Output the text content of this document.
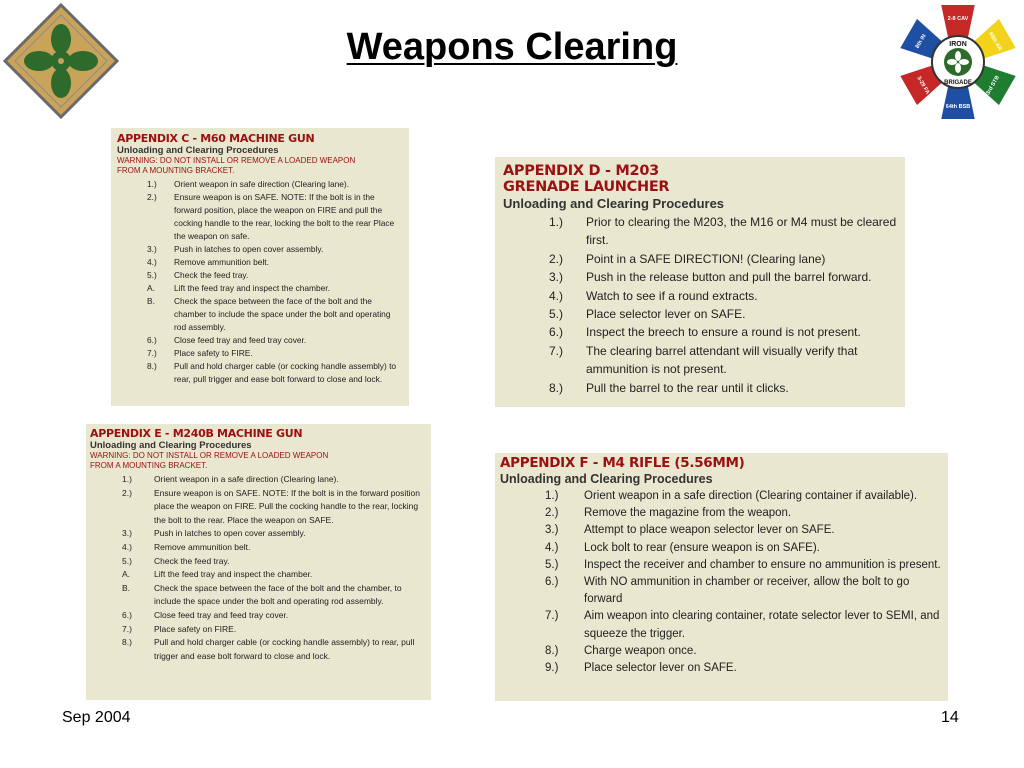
Weapons Clearing	IRON
BRIGADE
2-8 CAV
68th AR
3rd STB
64th BSB
3-29 FA
8th IN
APPENDIX C - M60 MACHINE GUN
Unloading and Clearing Procedures
WARNING: DO NOT INSTALL OR REMOVE A LOADED WEAPON
FROM A MOUNTING BRACKET.
1.)	Orient weapon in safe direction (Clearing lane).
2.)	Ensure weapon is on SAFE. NOTE: If the bolt is in the forward position, place the weapon on FIRE and pull the cocking handle to the rear, locking the bolt to the rear Place the weapon on safe.
3.)	Push in latches to open cover assembly.
4.)	Remove ammunition belt.
5.)	Check the feed tray.
A.	Lift the feed tray and inspect the chamber.
B.	Check the space between the face of the bolt and the chamber to include the space under the bolt and operating rod assembly.
6.)	Close feed tray and feed tray cover.
7.)	Place safety to FIRE.
8.)	Pull and hold charger cable (or cocking handle assembly) to rear, pull trigger and ease bolt forward to close and lock.
APPENDIX D - M203
GRENADE LAUNCHER
Unloading and Clearing Procedures
1.)	Prior to clearing the M203, the M16 or M4 must be cleared first.
2.)	Point in a SAFE DIRECTION! (Clearing lane)
3.)	Push in the release button and pull the barrel forward.
4.)	Watch to see if a round extracts.
5.)	Place selector lever on SAFE.
6.)	Inspect the breech to ensure a round is not present.
7.)	The clearing barrel attendant will visually verify that ammunition is not present.
8.)	Pull the barrel to the rear until it clicks.
APPENDIX E - M240B MACHINE GUN
Unloading and Clearing Procedures
WARNING: DO NOT INSTALL OR REMOVE A LOADED WEAPON
FROM A MOUNTING BRACKET.
1.)	Orient weapon in a safe direction (Clearing lane).
2.)	Ensure weapon is on SAFE. NOTE: If the bolt is in the forward position place the weapon on FIRE. Pull the cocking handle to the rear, locking the bolt to the rear. Place the weapon on SAFE.
3.)	Push in latches to open cover assembly.
4.)	Remove ammunition belt.
5.)	Check the feed tray.
A.	Lift the feed tray and inspect the chamber.
B.	Check the space between the face of the bolt and the chamber, to include the space under the bolt and operating rod assembly.
6.)	Close feed tray and feed tray cover.
7.)	Place safety on FIRE.
8.)	Pull and hold charger cable (or cocking handle assembly) to rear, pull trigger and ease bolt forward to close and lock.
APPENDIX F - M4 RIFLE (5.56MM)
Unloading and Clearing Procedures
1.)	Orient weapon in a safe direction (Clearing container if available).
2.)	Remove the magazine from the weapon.
3.)	Attempt to place weapon selector lever on SAFE.
4.)	Lock bolt to rear (ensure weapon is on SAFE).
5.)	Inspect the receiver and chamber to ensure no ammunition is present.
6.)	With NO ammunition in chamber or receiver, allow the bolt to go forward
7.)	Aim weapon into clearing container, rotate selector lever to SEMI, and squeeze the trigger.
8.)	Charge weapon once.
9.)	Place selector lever on SAFE.
Sep 2004	14
